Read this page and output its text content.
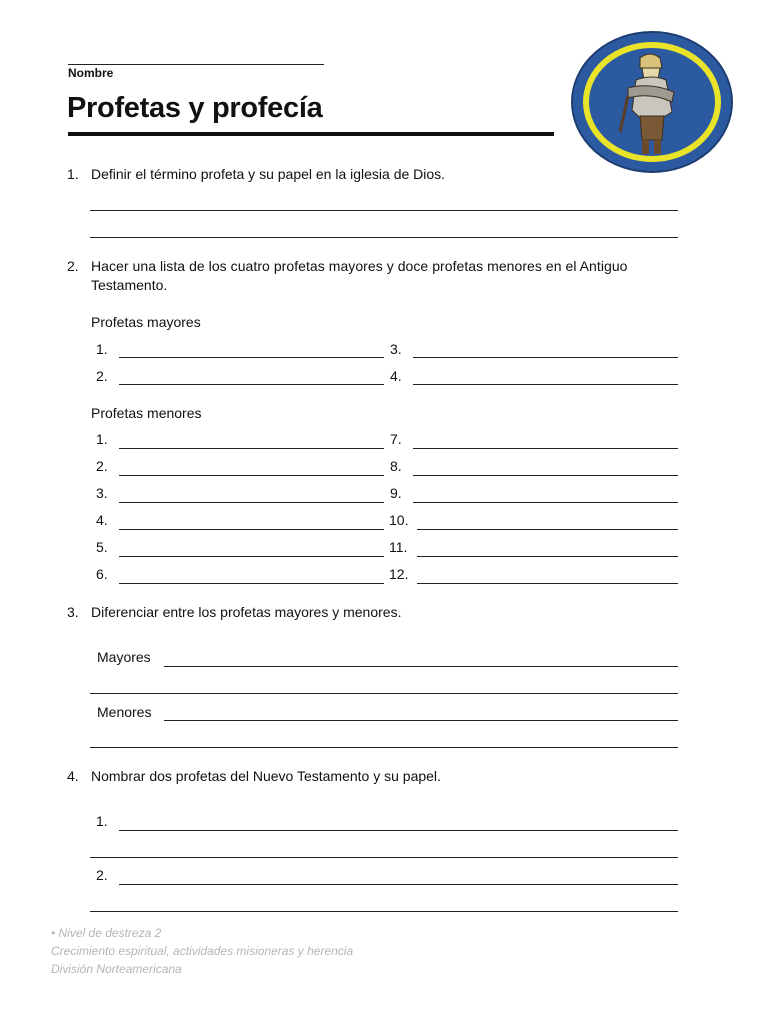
Nombre
Profetas y profecía
1. Definir el término profeta y su papel en la iglesia de Dios.
2. Hacer una lista de los cuatro profetas mayores y doce profetas menores en el Antiguo
Testamento.
Profetas mayores
1.	3.
2.	4.
Profetas menores
1.	7.
2.	8.
3.	9.
4.	10.
5.	11.
6.	12.
3. Diferenciar entre los profetas mayores y menores.
Mayores
Menores
4. Nombrar dos profetas del Nuevo Testamento y su papel.
1.
2.
• Nivel de destreza 2
Crecimiento espiritual, actividades misioneras y herencia
División Norteamericana
